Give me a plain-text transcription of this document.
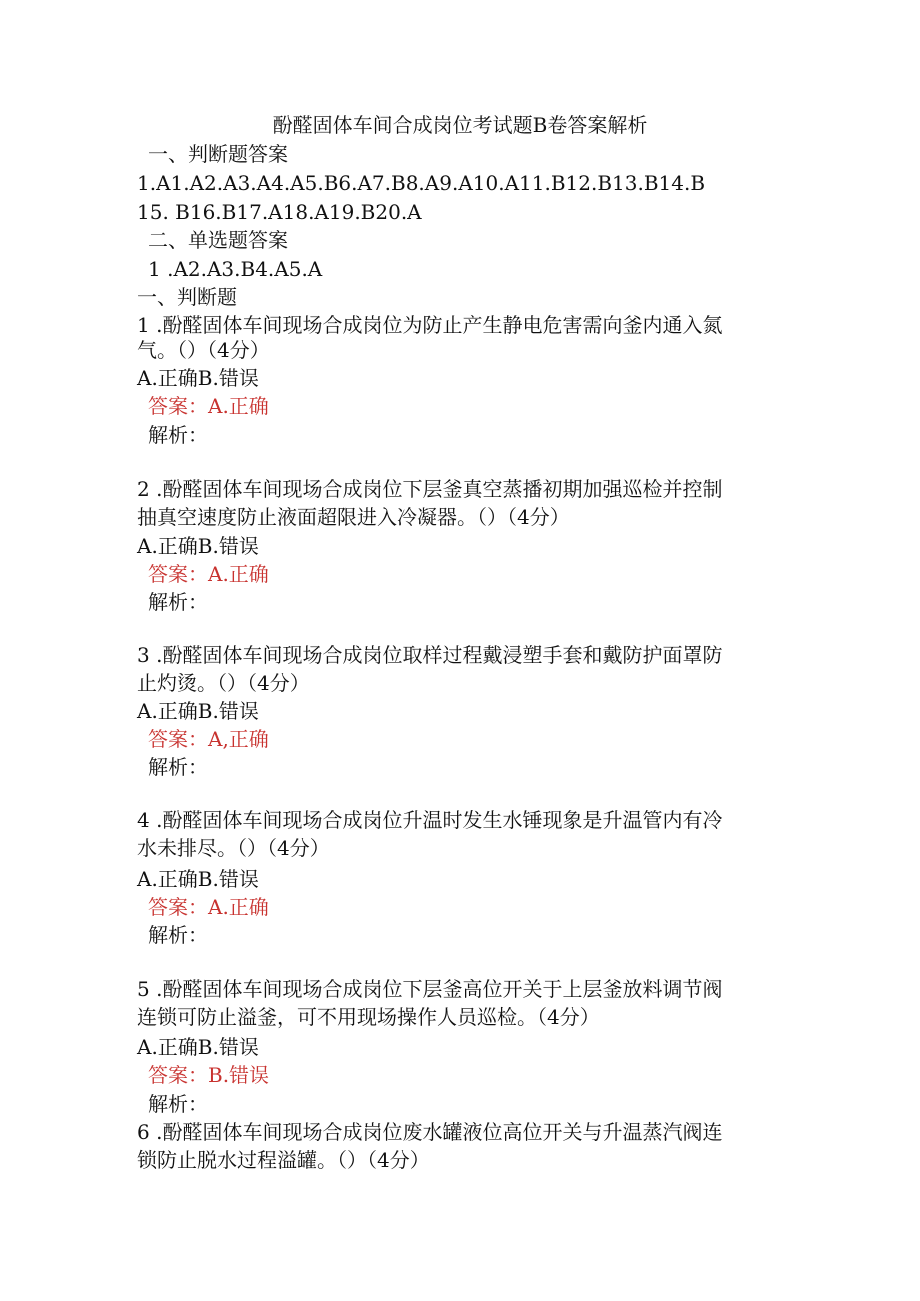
酚醛固体车间合成岗位考试题B卷答案解析
一、判断题答案
1.A1.A2.A3.A4.A5.B6.A7.B8.A9.A10.A11.B12.B13.B14.B
15. B16.B17.A18.A19.B20.A
二、单选题答案
1 .A2.A3.B4.A5.A
一、判断题
1 .酚醛固体车间现场合成岗位为防止产生静电危害需向釜内通入氮
气。（）（4分）
A.正确B.错误
答案：A.正确
解析：
2 .酚醛固体车间现场合成岗位下层釜真空蒸播初期加强巡检并控制
抽真空速度防止液面超限进入冷凝器。（）（4分）
A.正确B.错误
答案：A.正确
解析：
3 .酚醛固体车间现场合成岗位取样过程戴浸塑手套和戴防护面罩防
止灼烫。（）（4分）
A.正确B.错误
答案：A,正确
解析：
4 .酚醛固体车间现场合成岗位升温时发生水锤现象是升温管内有冷
水未排尽。（）（4分）
A.正确B.错误
答案：A.正确
解析：
5 .酚醛固体车间现场合成岗位下层釜高位开关于上层釜放料调节阀
连锁可防止溢釜，可不用现场操作人员巡检。（4分）
A.正确B.错误
答案：B.错误
解析：
6 .酚醛固体车间现场合成岗位废水罐液位高位开关与升温蒸汽阀连
锁防止脱水过程溢罐。（）（4分）
